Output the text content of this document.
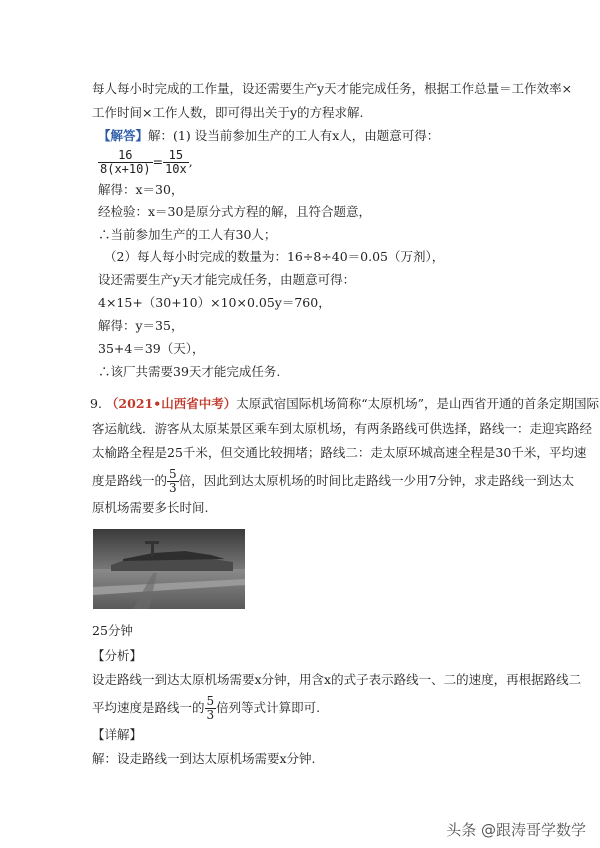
每人每小时完成的工作量，设还需要生产y天才能完成任务，根据工作总量＝工作效率×
工作时间×工作人数，即可得出关于y的方程求解.
【解答】解：(1) 设当前参加生产的工人有x人，由题意可得：
$\frac{16}{8(x+10)} = \frac{15}{10x}$ ,
解得：x＝30，
经检验：x＝30是原分式方程的解，且符合题意，
∴当前参加生产的工人有30人；
（2）每人每小时完成的数量为：16÷8÷40＝0.05（万剂），
设还需要生产y天才能完成任务，由题意可得：
4×15+（30+10）×10×0.05y＝760，
解得：y＝35，
35+4＝39（天），
∴该厂共需要39天才能完成任务.
9. （2021•山西省中考）太原武宿国际机场简称“太原机场”，是山西省开通的首条定期国际
客运航线．游客从太原某景区乘车到太原机场，有两条路线可供选择，路线一：走迎宾路经
太榆路全程是25千米，但交通比较拥堵；路线二：走太原环城高速全程是30千米，平均速
度是路线一的 $\frac{5}{3}$ 倍，因此到达太原机场的时间比走路线一少用7分钟，求走路线一到达太
原机场需要多长时间.
25分钟
【分析】
设走路线一到达太原机场需要x分钟，用含x的式子表示路线一、二的速度，再根据路线二
平均速度是路线一的 $\frac{5}{3}$ 倍列等式计算即可.
【详解】
解：设走路线一到达太原机场需要x分钟.
头条 @跟涛哥学数学
